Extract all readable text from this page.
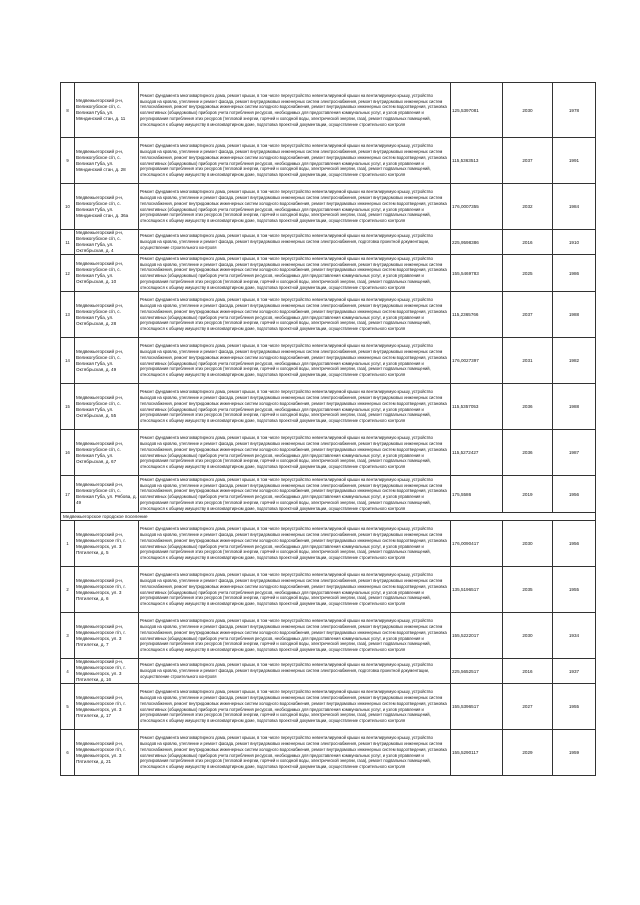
8	Медвежьегорский р-н, Великогубское с/п, с. Великая Губа, ул. Мяндинский стан, д. 11	Ремонт фундамента многоквартирного дома, ремонт крыши, в том числе переустройство невентилируемой крыши на вентилируемую крышу, устройство выходов на кровлю, утепление и ремонт фасада, ремонт внутридомовых инженерных систем электроснабжения, ремонт внутридомовых инженерных систем теплоснабжения, ремонт внутридомовых инженерных систем холодного водоснабжения, ремонт внутридомовых инженерных систем водоотведения, установка коллективных (общедомовых) приборов учета потребления ресурсов, необходимых для предоставления коммунальных услуг, и узлов управления и регулирования потребления этих ресурсов (тепловой энергии, горячей и холодной воды, электрической энергии, газа), ремонт подвальных помещений, относящихся к общему имуществу в многоквартирном доме, подготовка проектной документации, осуществление строительного контроля	125,5397081	2030	1978
9	Медвежьегорский р-н, Великогубское с/п, с. Великая Губа, ул. Мяндинский стан, д. 28	Ремонт фундамента многоквартирного дома, ремонт крыши, в том числе переустройство невентилируемой крыши на вентилируемую крышу, устройство выходов на кровлю, утепление и ремонт фасада, ремонт внутридомовых инженерных систем электроснабжения, ремонт внутридомовых инженерных систем теплоснабжения, ремонт внутридомовых инженерных систем холодного водоснабжения, ремонт внутридомовых инженерных систем водоотведения, установка коллективных (общедомовых) приборов учета потребления ресурсов, необходимых для предоставления коммунальных услуг, и узлов управления и регулирования потребления этих ресурсов (тепловой энергии, горячей и холодной воды, электрической энергии, газа), ремонт подвальных помещений, относящихся к общему имуществу в многоквартирном доме, подготовка проектной документации, осуществление строительного контроля	115,5363513	2037	1991
10	Медвежьегорский р-н, Великогубское с/п, с. Великая Губа, ул. Мяндинский стан, д. 36а	Ремонт фундамента многоквартирного дома, ремонт крыши, в том числе переустройство невентилируемой крыши на вентилируемую крышу, устройство выходов на кровлю, утепление и ремонт фасада, ремонт внутридомовых инженерных систем электроснабжения, ремонт внутридомовых инженерных систем теплоснабжения, ремонт внутридомовых инженерных систем холодного водоснабжения, ремонт внутридомовых инженерных систем водоотведения, установка коллективных (общедомовых) приборов учета потребления ресурсов, необходимых для предоставления коммунальных услуг, и узлов управления и регулирования потребления этих ресурсов (тепловой энергии, горячей и холодной воды, электрической энергии, газа), ремонт подвальных помещений, относящихся к общему имуществу в многоквартирном доме, подготовка проектной документации, осуществление строительного контроля	176,0007355	2032	1984
11	Медвежьегорский р-н, Великогубское с/п, с. Великая Губа, ул. Октябрьская, д. 4	Ремонт фундамента многоквартирного дома, ремонт крыши, в том числе переустройство невентилируемой крыши на вентилируемую крышу, устройство выходов на кровлю, утепление и ремонт фасада, ремонт внутридомовых инженерных систем электроснабжения, подготовка проектной документации, осуществление строительного контроля	225,9598386	2016	1910
12	Медвежьегорский р-н, Великогубское с/п, с. Великая Губа, ул. Октябрьская, д. 10	Ремонт фундамента многоквартирного дома, ремонт крыши, в том числе переустройство невентилируемой крыши на вентилируемую крышу, устройство выходов на кровлю, утепление и ремонт фасада, ремонт внутридомовых инженерных систем электроснабжения, ремонт внутридомовых инженерных систем теплоснабжения, ремонт внутридомовых инженерных систем холодного водоснабжения, ремонт внутридомовых инженерных систем водоотведения, установка коллективных (общедомовых) приборов учета потребления ресурсов, необходимых для предоставления коммунальных услуг, и узлов управления и регулирования потребления этих ресурсов (тепловой энергии, горячей и холодной воды, электрической энергии, газа), ремонт подвальных помещений, относящихся к общему имуществу в многоквартирном доме, подготовка проектной документации, осуществление строительного контроля	155,5469783	2025	1986
13	Медвежьегорский р-н, Великогубское с/п, с. Великая Губа, ул. Октябрьская, д. 28	Ремонт фундамента многоквартирного дома, ремонт крыши, в том числе переустройство невентилируемой крыши на вентилируемую крышу, устройство выходов на кровлю, утепление и ремонт фасада, ремонт внутридомовых инженерных систем электроснабжения, ремонт внутридомовых инженерных систем теплоснабжения, ремонт внутридомовых инженерных систем холодного водоснабжения, ремонт внутридомовых инженерных систем водоотведения, установка коллективных (общедомовых) приборов учета потребления ресурсов, необходимых для предоставления коммунальных услуг, и узлов управления и регулирования потребления этих ресурсов (тепловой энергии, горячей и холодной воды, электрической энергии, газа), ремонт подвальных помещений, относящихся к общему имуществу в многоквартирном доме, подготовка проектной документации, осуществление строительного контроля	115,2365766	2037	1988
14	Медвежьегорский р-н, Великогубское с/п, с. Великая Губа, ул. Октябрьская, д. 49	Ремонт фундамента многоквартирного дома, ремонт крыши, в том числе переустройство невентилируемой крыши на вентилируемую крышу, устройство выходов на кровлю, утепление и ремонт фасада, ремонт внутридомовых инженерных систем электроснабжения, ремонт внутридомовых инженерных систем теплоснабжения, ремонт внутридомовых инженерных систем холодного водоснабжения, ремонт внутридомовых инженерных систем водоотведения, установка коллективных (общедомовых) приборов учета потребления ресурсов, необходимых для предоставления коммунальных услуг, и узлов управления и регулирования потребления этих ресурсов (тепловой энергии, горячей и холодной воды, электрической энергии, газа), ремонт подвальных помещений, относящихся к общему имуществу в многоквартирном доме, подготовка проектной документации, осуществление строительного контроля	176,0027397	2031	1982
15	Медвежьегорский р-н, Великогубское с/п, с. Великая Губа, ул. Октябрьская, д. 55	Ремонт фундамента многоквартирного дома, ремонт крыши, в том числе переустройство невентилируемой крыши на вентилируемую крышу, устройство выходов на кровлю, утепление и ремонт фасада, ремонт внутридомовых инженерных систем электроснабжения, ремонт внутридомовых инженерных систем теплоснабжения, ремонт внутридомовых инженерных систем холодного водоснабжения, ремонт внутридомовых инженерных систем водоотведения, установка коллективных (общедомовых) приборов учета потребления ресурсов, необходимых для предоставления коммунальных услуг, и узлов управления и регулирования потребления этих ресурсов (тепловой энергии, горячей и холодной воды, электрической энергии, газа), ремонт подвальных помещений, относящихся к общему имуществу в многоквартирном доме, подготовка проектной документации, осуществление строительного контроля	115,5357053	2036	1988
16	Медвежьегорский р-н, Великогубское с/п, с. Великая Губа, ул. Октябрьская, д. 67	Ремонт фундамента многоквартирного дома, ремонт крыши, в том числе переустройство невентилируемой крыши на вентилируемую крышу, устройство выходов на кровлю, утепление и ремонт фасада, ремонт внутридомовых инженерных систем электроснабжения, ремонт внутридомовых инженерных систем теплоснабжения, ремонт внутридомовых инженерных систем холодного водоснабжения, ремонт внутридомовых инженерных систем водоотведения, установка коллективных (общедомовых) приборов учета потребления ресурсов, необходимых для предоставления коммунальных услуг, и узлов управления и регулирования потребления этих ресурсов (тепловой энергии, горячей и холодной воды, электрической энергии, газа), ремонт подвальных помещений, относящихся к общему имуществу в многоквартирном доме, подготовка проектной документации, осуществление строительного контроля	115,5272427	2036	1987
17	Медвежьегорский р-н, Великогубское с/п, с. Великая Губа, ул. Рябова, д. 49	Ремонт фундамента многоквартирного дома, ремонт крыши, в том числе переустройство невентилируемой крыши на вентилируемую крышу, устройство выходов на кровлю, утепление и ремонт фасада, ремонт внутридомовых инженерных систем электроснабжения, ремонт внутридомовых инженерных систем теплоснабжения, ремонт внутридомовых инженерных систем холодного водоснабжения, ремонт внутридомовых инженерных систем водоотведения, установка коллективных (общедомовых) приборов учета потребления ресурсов, необходимых для предоставления коммунальных услуг, и узлов управления и регулирования потребления этих ресурсов (тепловой энергии, горячей и холодной воды, электрической энергии, газа), ремонт подвальных помещений, относящихся к общему имуществу в многоквартирном доме, подготовка проектной документации, осуществление строительного контроля	175,5586	2019	1956
Медвежьегорское городское поселение					
1	Медвежьегорский р-н, Медвежьегорское г/п, г. Медвежьегорск, ул. 3 Пятилетки, д. 5	Ремонт фундамента многоквартирного дома, ремонт крыши, в том числе переустройство невентилируемой крыши на вентилируемую крышу, устройство выходов на кровлю, утепление и ремонт фасада, ремонт внутридомовых инженерных систем электроснабжения, ремонт внутридомовых инженерных систем теплоснабжения, ремонт внутридомовых инженерных систем холодного водоснабжения, ремонт внутридомовых инженерных систем водоотведения, установка коллективных (общедомовых) приборов учета потребления ресурсов, необходимых для предоставления коммунальных услуг, и узлов управления и регулирования потребления этих ресурсов (тепловой энергии, горячей и холодной воды, электрической энергии, газа), ремонт подвальных помещений, относящихся к общему имуществу в многоквартирном доме, подготовка проектной документации, осуществление строительного контроля	176,0090417	2030	1956
2	Медвежьегорский р-н, Медвежьегорское г/п, г. Медвежьегорск, ул. 3 Пятилетки, д. 6	Ремонт фундамента многоквартирного дома, ремонт крыши, в том числе переустройство невентилируемой крыши на вентилируемую крышу, устройство выходов на кровлю, утепление и ремонт фасада, ремонт внутридомовых инженерных систем электроснабжения, ремонт внутридомовых инженерных систем теплоснабжения, ремонт внутридомовых инженерных систем холодного водоснабжения, ремонт внутридомовых инженерных систем водоотведения, установка коллективных (общедомовых) приборов учета потребления ресурсов, необходимых для предоставления коммунальных услуг, и узлов управления и регулирования потребления этих ресурсов (тепловой энергии, горячей и холодной воды, электрической энергии, газа), ремонт подвальных помещений, относящихся к общему имуществу в многоквартирном доме, подготовка проектной документации, осуществление строительного контроля	135,5196517	2035	1955
3	Медвежьегорский р-н, Медвежьегорское г/п, г. Медвежьегорск, ул. 3 Пятилетки, д. 7	Ремонт фундамента многоквартирного дома, ремонт крыши, в том числе переустройство невентилируемой крыши на вентилируемую крышу, устройство выходов на кровлю, утепление и ремонт фасада, ремонт внутридомовых инженерных систем электроснабжения, ремонт внутридомовых инженерных систем теплоснабжения, ремонт внутридомовых инженерных систем холодного водоснабжения, ремонт внутридомовых инженерных систем водоотведения, установка коллективных (общедомовых) приборов учета потребления ресурсов, необходимых для предоставления коммунальных услуг, и узлов управления и регулирования потребления этих ресурсов (тепловой энергии, горячей и холодной воды, электрической энергии, газа), ремонт подвальных помещений, относящихся к общему имуществу в многоквартирном доме, подготовка проектной документации, осуществление строительного контроля	155,5222017	2030	1934
4	Медвежьегорский р-н, Медвежьегорское г/п, г. Медвежьегорск, ул. 3 Пятилетки, д. 16	Ремонт фундамента многоквартирного дома, ремонт крыши, в том числе переустройство невентилируемой крыши на вентилируемую крышу, устройство выходов на кровлю, утепление и ремонт фасада, ремонт внутридомовых инженерных систем электроснабжения, подготовка проектной документации, осуществление строительного контроля	225,5652517	2016	1937
5	Медвежьегорский р-н, Медвежьегорское г/п, г. Медвежьегорск, ул. 3 Пятилетки, д. 17	Ремонт фундамента многоквартирного дома, ремонт крыши, в том числе переустройство невентилируемой крыши на вентилируемую крышу, устройство выходов на кровлю, утепление и ремонт фасада, ремонт внутридомовых инженерных систем электроснабжения, ремонт внутридомовых инженерных систем теплоснабжения, ремонт внутридомовых инженерных систем холодного водоснабжения, ремонт внутридомовых инженерных систем водоотведения, установка коллективных (общедомовых) приборов учета потребления ресурсов, необходимых для предоставления коммунальных услуг, и узлов управления и регулирования потребления этих ресурсов (тепловой энергии, горячей и холодной воды, электрической энергии, газа), ремонт подвальных помещений, относящихся к общему имуществу в многоквартирном доме, подготовка проектной документации, осуществление строительного контроля	155,5396517	2027	1955
6	Медвежьегорский р-н, Медвежьегорское г/п, г. Медвежьегорск, ул. 3 Пятилетки, д. 21	Ремонт фундамента многоквартирного дома, ремонт крыши, в том числе переустройство невентилируемой крыши на вентилируемую крышу, устройство выходов на кровлю, утепление и ремонт фасада, ремонт внутридомовых инженерных систем электроснабжения, ремонт внутридомовых инженерных систем теплоснабжения, ремонт внутридомовых инженерных систем холодного водоснабжения, ремонт внутридомовых инженерных систем водоотведения, установка коллективных (общедомовых) приборов учета потребления ресурсов, необходимых для предоставления коммунальных услуг, и узлов управления и регулирования потребления этих ресурсов (тепловой энергии, горячей и холодной воды, электрической энергии, газа), ремонт подвальных помещений, относящихся к общему имуществу в многоквартирном доме, подготовка проектной документации, осуществление строительного контроля	155,5290117	2029	1959
